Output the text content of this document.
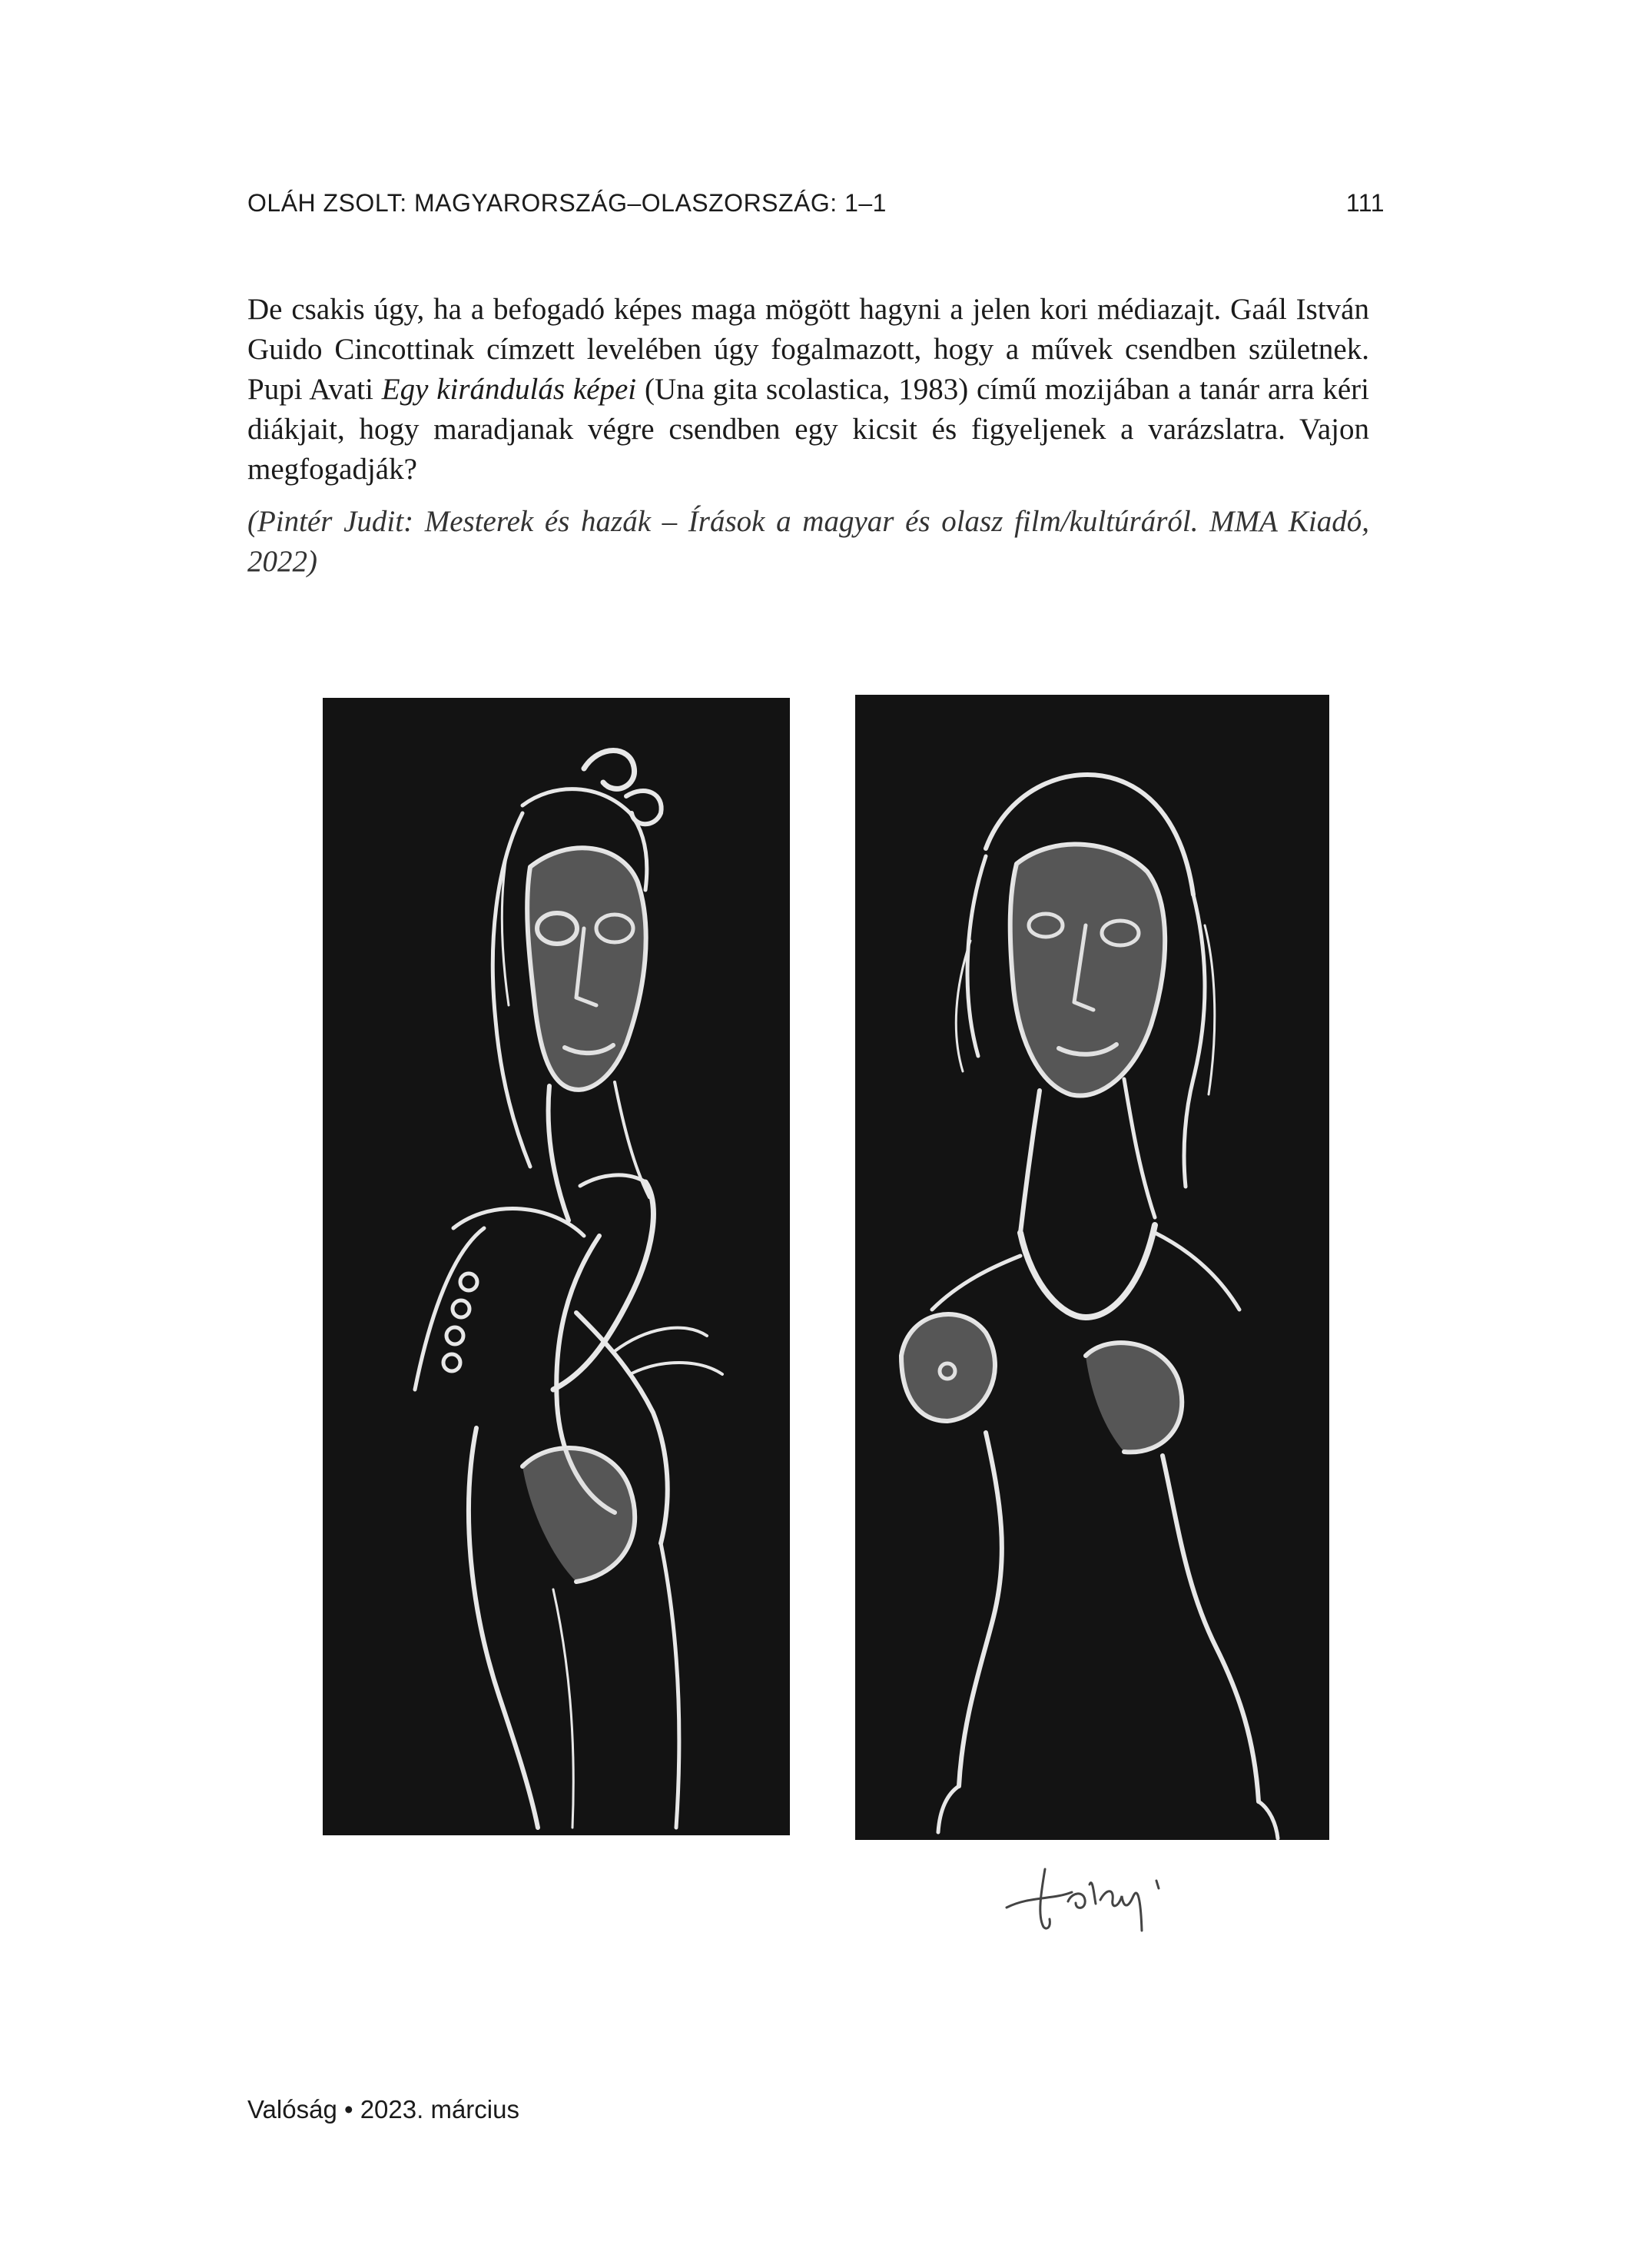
OLÁH ZSOLT: MAGYARORSZÁG–OLASZORSZÁG: 1–1	111

De csakis úgy, ha a befogadó képes maga mögött hagyni a jelen kori médiazajt. Gaál István Guido Cincottinak címzett levelében úgy fogalmazott, hogy a művek csendben születnek. Pupi Avati Egy kirándulás képei (Una gita scolastica, 1983) című mozijában a tanár arra kéri diákjait, hogy maradjanak végre csendben egy kicsit és figyeljenek a varázslatra. Vajon megfogadják?

(Pintér Judit: Mesterek és hazák – Írások a magyar és olasz film/kultúráról. MMA Kiadó, 2022)

Valóság • 2023. március
